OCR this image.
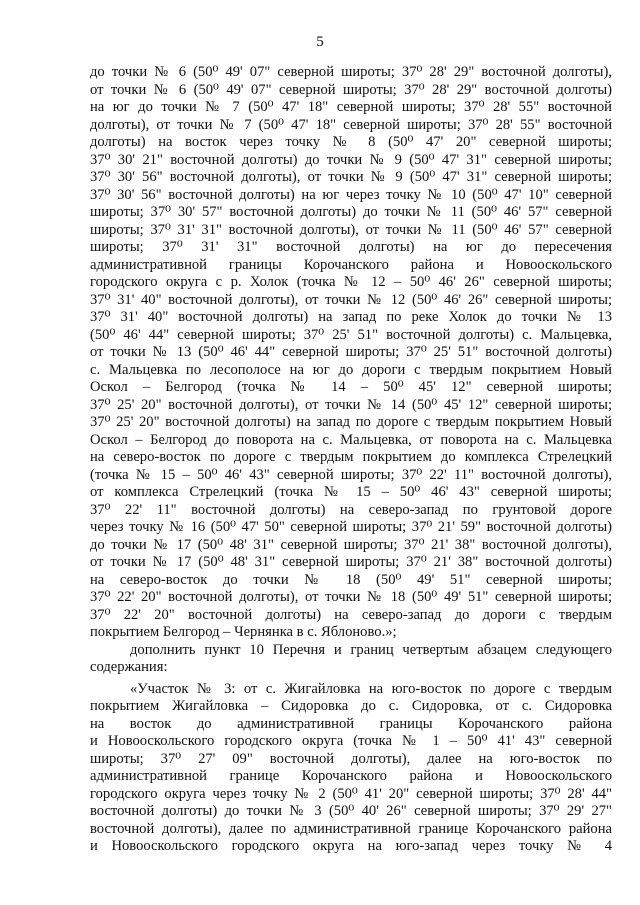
5
до точки № 6 (50⁰ 49' 07" северной широты; 37⁰ 28' 29" восточной долготы),
от точки № 6 (50⁰ 49' 07" северной широты; 37⁰ 28' 29" восточной долготы)
на юг до точки № 7 (50⁰ 47' 18" северной широты; 37⁰ 28' 55" восточной
долготы), от точки № 7 (50⁰ 47' 18" северной широты; 37⁰ 28' 55" восточной
долготы) на восток через точку № 8 (50⁰ 47' 20" северной широты;
37⁰ 30' 21" восточной долготы) до точки № 9 (50⁰ 47' 31" северной широты;
37⁰ 30' 56" восточной долготы), от точки № 9 (50⁰ 47' 31" северной широты;
37⁰ 30' 56" восточной долготы) на юг через точку № 10 (50⁰ 47' 10" северной
широты; 37⁰ 30' 57" восточной долготы) до точки № 11 (50⁰ 46' 57" северной
широты; 37⁰ 31' 31" восточной долготы), от точки № 11 (50⁰ 46' 57" северной
широты; 37⁰ 31' 31" восточной долготы) на юг до пересечения
административной границы Корочанского района и Новооскольского
городского округа с р. Холок (точка № 12 – 50⁰ 46' 26" северной широты;
37⁰ 31' 40" восточной долготы), от точки № 12 (50⁰ 46' 26" северной широты;
37⁰ 31' 40" восточной долготы) на запад по реке Холок до точки № 13
(50⁰ 46' 44" северной широты; 37⁰ 25' 51" восточной долготы) с. Мальцевка,
от точки № 13 (50⁰ 46' 44" северной широты; 37⁰ 25' 51" восточной долготы)
с. Мальцевка по лесополосе на юг до дороги с твердым покрытием Новый
Оскол – Белгород (точка № 14 – 50⁰ 45' 12" северной широты;
37⁰ 25' 20" восточной долготы), от точки № 14 (50⁰ 45' 12" северной широты;
37⁰ 25' 20" восточной долготы) на запад по дороге с твердым покрытием Новый
Оскол – Белгород до поворота на с. Мальцевка, от поворота на с. Мальцевка
на северо-восток по дороге с твердым покрытием до комплекса Стрелецкий
(точка № 15 – 50⁰ 46' 43" северной широты; 37⁰ 22' 11" восточной долготы),
от комплекса Стрелецкий (точка № 15 – 50⁰ 46' 43" северной широты;
37⁰ 22' 11" восточной долготы) на северо-запад по грунтовой дороге
через точку № 16 (50⁰ 47' 50" северной широты; 37⁰ 21' 59" восточной долготы)
до точки № 17 (50⁰ 48' 31" северной широты; 37⁰ 21' 38" восточной долготы),
от точки № 17 (50⁰ 48' 31" северной широты; 37⁰ 21' 38" восточной долготы)
на северо-восток до точки № 18 (50⁰ 49' 51" северной широты;
37⁰ 22' 20" восточной долготы), от точки № 18 (50⁰ 49' 51" северной широты;
37⁰ 22' 20" восточной долготы) на северо-запад до дороги с твердым
покрытием Белгород – Чернянка в с. Яблоново.»;
дополнить пункт 10 Перечня и границ четвертым абзацем следующего
содержания:
«Участок № 3: от с. Жигайловка на юго-восток по дороге с твердым
покрытием Жигайловка – Сидоровка до с. Сидоровка, от с. Сидоровка
на восток до административной границы Корочанского района
и Новооскольского городского округа (точка № 1 – 50⁰ 41' 43" северной
широты; 37⁰ 27' 09" восточной долготы), далее на юго-восток по
административной границе Корочанского района и Новооскольского
городского округа через точку № 2 (50⁰ 41' 20" северной широты; 37⁰ 28' 44"
восточной долготы) до точки № 3 (50⁰ 40' 26" северной широты; 37⁰ 29' 27"
восточной долготы), далее по административной границе Корочанского района
и Новооскольского городского округа на юго-запад через точку № 4
